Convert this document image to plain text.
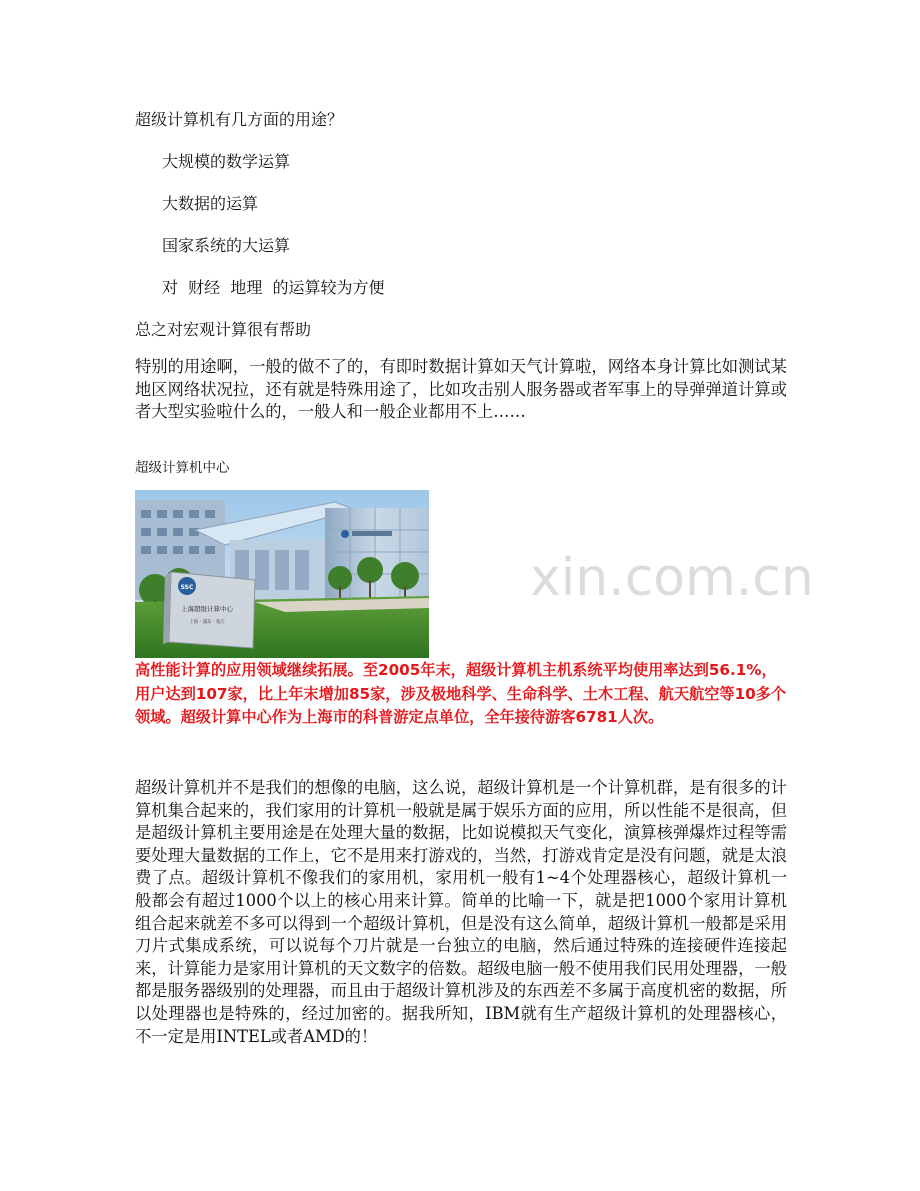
超级计算机有几方面的用途？
大规模的数学运算
大数据的运算
国家系统的大运算
对  财经  地理  的运算较为方便
总之对宏观计算很有帮助
特别的用途啊，一般的做不了的，有即时数据计算如天气计算啦，网络本身计算比如测试某地区网络状况拉，还有就是特殊用途了，比如攻击别人服务器或者军事上的导弹弹道计算或者大型实验啦什么的，一般人和一般企业都用不上……
超级计算机中心
SSC
上海超级计算中心
上海 · 浦东 · 张江
xin.com.cn
高性能计算的应用领域继续拓展。至2005年末，超级计算机主机系统平均使用率达到56.1%，用户达到107家，比上年末增加85家，涉及极地科学、生命科学、土木工程、航天航空等10多个领域。超级计算中心作为上海市的科普游定点单位，全年接待游客6781人次。
超级计算机并不是我们的想像的电脑，这么说，超级计算机是一个计算机群，是有很多的计算机集合起来的，我们家用的计算机一般就是属于娱乐方面的应用，所以性能不是很高，但是超级计算机主要用途是在处理大量的数据，比如说模拟天气变化，演算核弹爆炸过程等需要处理大量数据的工作上，它不是用来打游戏的，当然，打游戏肯定是没有问题，就是太浪费了点。超级计算机不像我们的家用机，家用机一般有1~4个处理器核心，超级计算机一般都会有超过1000个以上的核心用来计算。简单的比喻一下，就是把1000个家用计算机组合起来就差不多可以得到一个超级计算机，但是没有这么简单，超级计算机一般都是采用刀片式集成系统，可以说每个刀片就是一台独立的电脑，然后通过特殊的连接硬件连接起来，计算能力是家用计算机的天文数字的倍数。超级电脑一般不使用我们民用处理器，一般都是服务器级别的处理器，而且由于超级计算机涉及的东西差不多属于高度机密的数据，所以处理器也是特殊的，经过加密的。据我所知，IBM就有生产超级计算机的处理器核心，不一定是用INTEL或者AMD的！
